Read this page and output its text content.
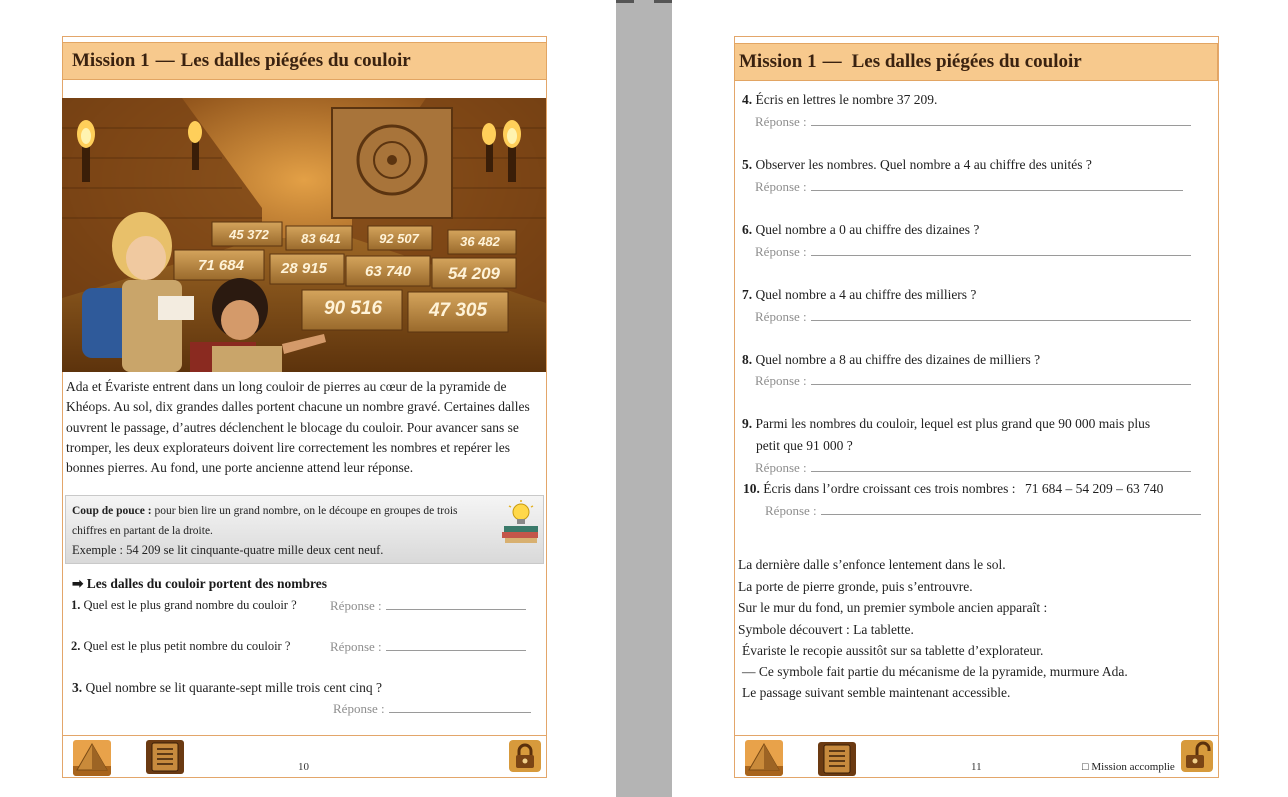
Mission 1 — Les dalles piégées du couloir
45 372 83 641	92 507	36 482
71 684 28 915	63 740 54 209
90 516 47 305
Ada et Évariste entrent dans un long couloir de pierres au cœur de la pyramide de Khéops. Au sol, dix grandes dalles portent chacune un nombre gravé. Certaines dalles ouvrent le passage, d’autres déclenchent le blocage du couloir. Pour avancer sans se tromper, les deux explorateurs doivent lire correctement les nombres et repérer les bonnes pierres. Au fond, une porte ancienne attend leur réponse.
Coup de pouce : pour bien lire un grand nombre, on le découpe en groupes de trois chiffres en partant de la droite.
Exemple : 54 209 se lit cinquante-quatre mille deux cent neuf.
➡ Les dalles du couloir portent des nombres
1. Quel est le plus grand nombre du couloir ?	Réponse :
2. Quel est le plus petit nombre du couloir ?	Réponse :
3. Quel nombre se lit quarante-sept mille trois cent cinq ?
Réponse :
10
Mission 1 — Les dalles piégées du couloir
4. Écris en lettres le nombre 37 209.
Réponse :
5. Observer les nombres. Quel nombre a 4 au chiffre des unités ?
Réponse :
6. Quel nombre a 0 au chiffre des dizaines ?
Réponse :
7. Quel nombre a 4 au chiffre des milliers ?
Réponse :
8. Quel nombre a 8 au chiffre des dizaines de milliers ?
Réponse :
9. Parmi les nombres du couloir, lequel est plus grand que 90 000 mais plus
petit que 91 000 ?
Réponse :
10. Écris dans l’ordre croissant ces trois nombres : 71 684 – 54 209 – 63 740
Réponse :
La dernière dalle s’enfonce lentement dans le sol.
La porte de pierre gronde, puis s’entrouvre.
Sur le mur du fond, un premier symbole ancien apparaît :
Symbole découvert : La tablette.
Évariste le recopie aussitôt sur sa tablette d’explorateur.
— Ce symbole fait partie du mécanisme de la pyramide, murmure Ada.
Le passage suivant semble maintenant accessible.
11	□ Mission accomplie
